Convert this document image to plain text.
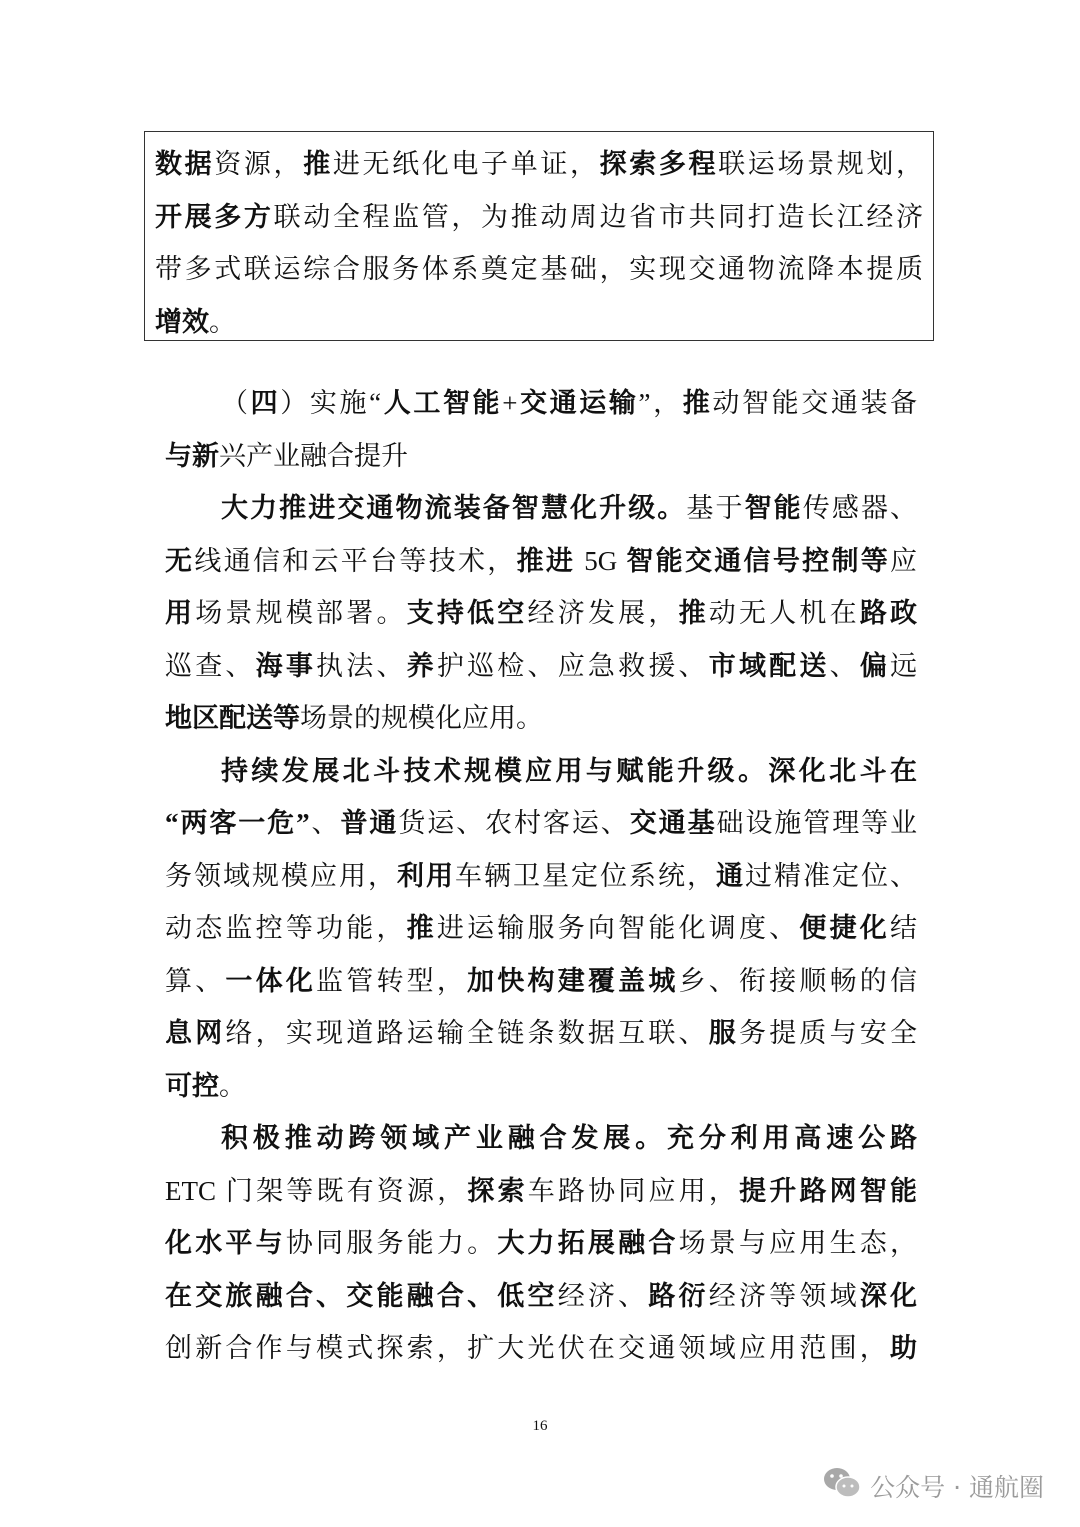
数据资源，推进无纸化电子单证，探索多程联运场景规划，
开展多方联动全程监管，为推动周边省市共同打造长江经济
带多式联运综合服务体系奠定基础，实现交通物流降本提质
增效。
（四）实施“人工智能+交通运输”，推动智能交通装备
与新兴产业融合提升
大力推进交通物流装备智慧化升级。基于智能传感器、
无线通信和云平台等技术，推进 5G 智能交通信号控制等应
用场景规模部署。支持低空经济发展，推动无人机在路政
巡查、海事执法、养护巡检、应急救援、市域配送、偏远
地区配送等场景的规模化应用。
持续发展北斗技术规模应用与赋能升级。深化北斗在
“两客一危”、普通货运、农村客运、交通基础设施管理等业
务领域规模应用，利用车辆卫星定位系统，通过精准定位、
动态监控等功能，推进运输服务向智能化调度、便捷化结
算、一体化监管转型，加快构建覆盖城乡、衔接顺畅的信
息网络，实现道路运输全链条数据互联、服务提质与安全
可控。
积极推动跨领域产业融合发展。充分利用高速公路
ETC 门架等既有资源，探索车路协同应用，提升路网智能
化水平与协同服务能力。大力拓展融合场景与应用生态，
在交旅融合、交能融合、低空经济、路衍经济等领域深化
创新合作与模式探索，扩大光伏在交通领域应用范围，助
16
公众号 · 通航圈
